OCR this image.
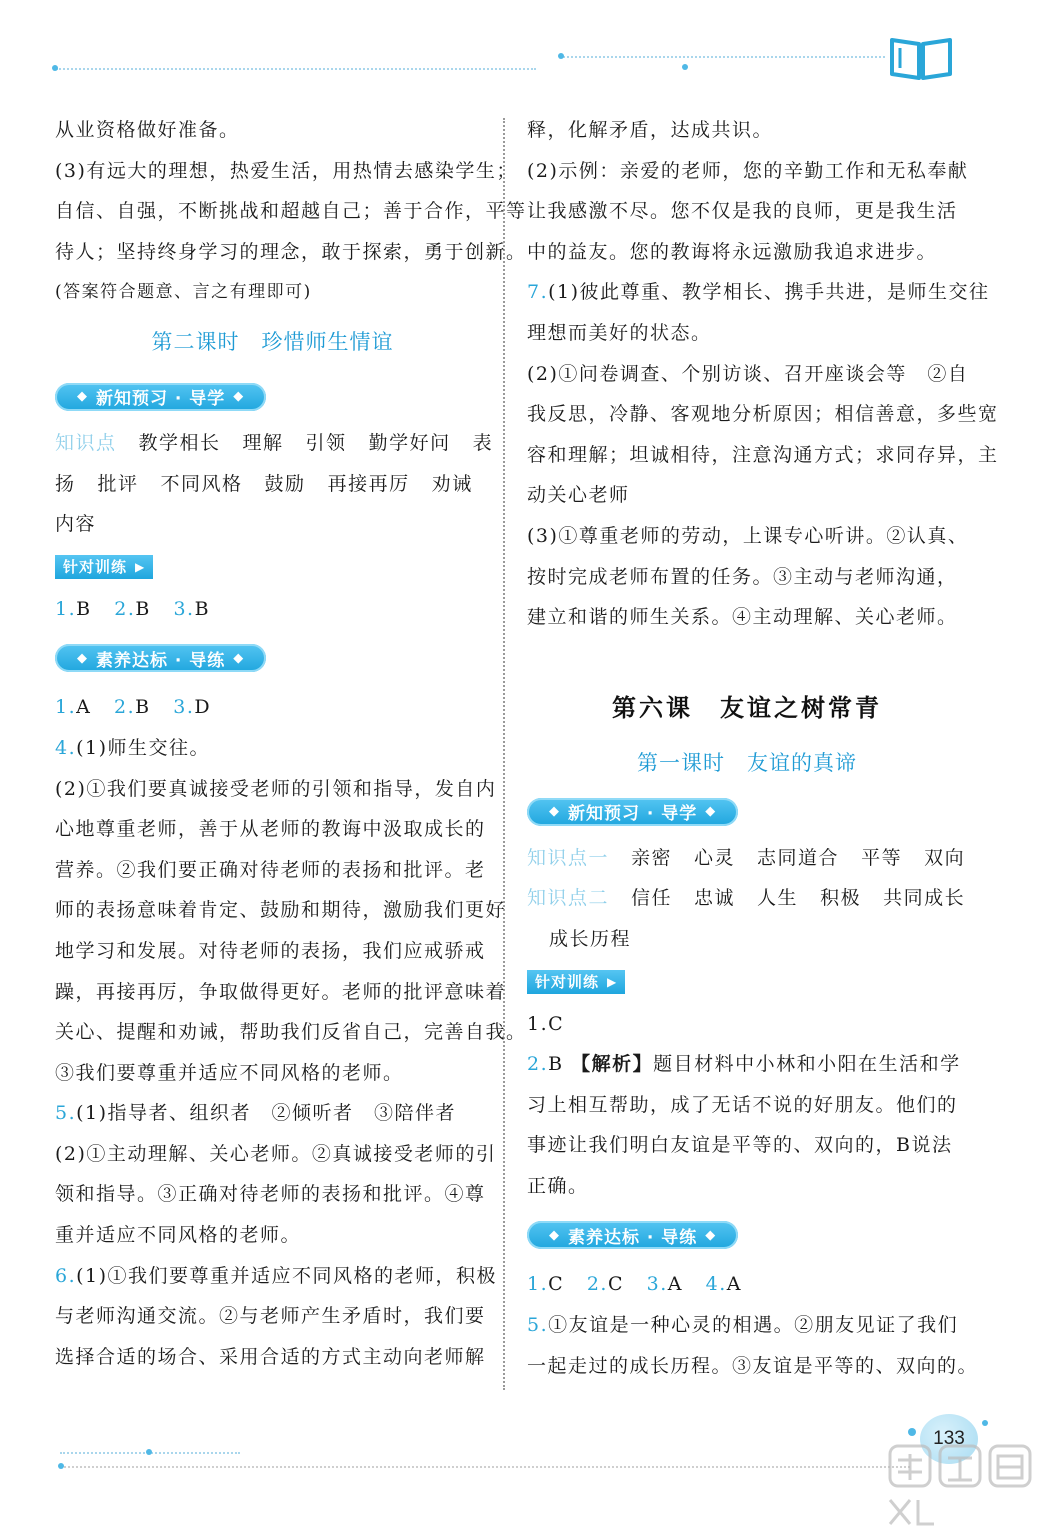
从业资格做好准备。
(3)有远大的理想，热爱生活，用热情去感染学生；
自信、自强，不断挑战和超越自己；善于合作，平等
待人；坚持终身学习的理念，敢于探索，勇于创新。
(答案符合题意、言之有理即可)
第二课时　珍惜师生情谊
◆ 新知预习 · 导学 ◆
知识点 教学相长 理解 引领 勤学好问 表
扬 批评 不同风格 鼓励 再接再厉 劝诫
内容
针对训练 ▶
1.B 2.B 3.B
◆ 素养达标 · 导练 ◆
1.A 2.B 3.D
4.(1)师生交往。
(2)①我们要真诚接受老师的引领和指导，发自内
心地尊重老师，善于从老师的教诲中汲取成长的
营养。②我们要正确对待老师的表扬和批评。老
师的表扬意味着肯定、鼓励和期待，激励我们更好
地学习和发展。对待老师的表扬，我们应戒骄戒
躁，再接再厉，争取做得更好。老师的批评意味着
关心、提醒和劝诫，帮助我们反省自己，完善自我。
③我们要尊重并适应不同风格的老师。
5.(1)指导者、组织者　②倾听者　③陪伴者
(2)①主动理解、关心老师。②真诚接受老师的引
领和指导。③正确对待老师的表扬和批评。④尊
重并适应不同风格的老师。
6.(1)①我们要尊重并适应不同风格的老师，积极
与老师沟通交流。②与老师产生矛盾时，我们要
选择合适的场合、采用合适的方式主动向老师解
释，化解矛盾，达成共识。
(2)示例：亲爱的老师，您的辛勤工作和无私奉献
让我感激不尽。您不仅是我的良师，更是我生活
中的益友。您的教诲将永远激励我追求进步。
7.(1)彼此尊重、教学相长、携手共进，是师生交往
理想而美好的状态。
(2)①问卷调查、个别访谈、召开座谈会等　②自
我反思，冷静、客观地分析原因；相信善意，多些宽
容和理解；坦诚相待，注意沟通方式；求同存异，主
动关心老师
(3)①尊重老师的劳动，上课专心听讲。②认真、
按时完成老师布置的任务。③主动与老师沟通，
建立和谐的师生关系。④主动理解、关心老师。
第六课　友谊之树常青
第一课时　友谊的真谛
◆ 新知预习 · 导学 ◆
知识点一 亲密 心灵 志同道合 平等 双向
知识点二 信任 忠诚 人生 积极 共同成长
成长历程
针对训练 ▶
1.C
2.B 【解析】题目材料中小林和小阳在生活和学
习上相互帮助，成了无话不说的好朋友。他们的
事迹让我们明白友谊是平等的、双向的，B说法
正确。
◆ 素养达标 · 导练 ◆
1.C 2.C 3.A 4.A
5.①友谊是一种心灵的相遇。②朋友见证了我们
一起走过的成长历程。③友谊是平等的、双向的。
133
